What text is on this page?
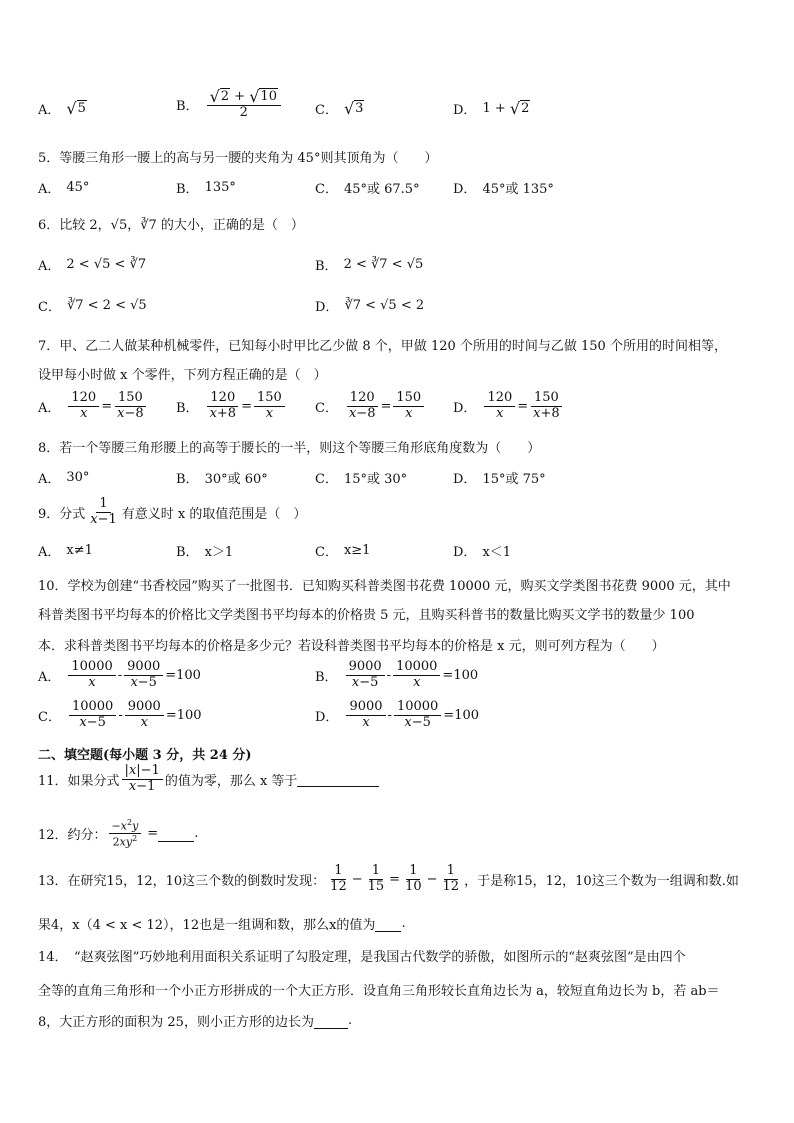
A． √ 5	B． $\frac{√ 2 + √ 10}{2}$	C． √ 3	D． 1 + √ 2
5．等腰三角形一腰上的高与另一腰的夹角为 45°则其顶角为（　　）
A． 45°	B． 135°	C． 45°或 67.5°	D． 45°或 135°
6．比较 2，√5，∛7 的大小，正确的是（　）
A． 2 < √5 < ∛7	B． 2 < ∛7 < √5
C． ∛7 < 2 < √5	D． ∛7 < √5 < 2
7．甲、乙二人做某种机械零件，已知每小时甲比乙少做 8 个，甲做 120 个所用的时间与乙做 150 个所用的时间相等，
设甲每小时做 x 个零件，下列方程正确的是（　）
A． $\frac{120}{x} = \frac{150}{x-8}$ B． $\frac{120}{x+8} = \frac{150}{x}$ C． $\frac{120}{x-8} = \frac{150}{x}$ D． $\frac{120}{x} = \frac{150}{x+8}$
8．若一个等腰三角形腰上的高等于腰长的一半，则这个等腰三角形底角度数为（　　）
A． 30°	B． 30°或 60°	C． 15°或 30°	D． 15°或 75°
9．分式 $\frac{1}{x-1}$ 有意义时 x 的取值范围是（　）
A． x≠1	B． x＞1	C． x≥1	D． x＜1
10．学校为创建“书香校园”购买了一批图书．已知购买科普类图书花费 10000 元，购买文学类图书花费 9000 元，其中
科普类图书平均每本的价格比文学类图书平均每本的价格贵 5 元，且购买科普书的数量比购买文学书的数量少 100
本．求科普类图书平均每本的价格是多少元？若设科普类图书平均每本的价格是 x 元，则可列方程为（　　）
A． $\frac{10000}{x} - \frac{9000}{x-5} =100$	B． $\frac{9000}{x-5} - \frac{10000}{x} =100$
C． $\frac{10000}{x-5} - \frac{9000}{x} =100$	D． $\frac{9000}{x} - \frac{10000}{x-5} =100$
二、填空题(每小题 3 分，共 24 分)
11．如果分式 $\frac{|x|-1}{x-1}$ 的值为零，那么 x 等于

12．约分： $\frac{-x^2y}{2xy^2}$ =
	.
13．在研究15，12，10这三个数的倒数时发现： $\frac{1}{12} - \frac{1}{15} = \frac{1}{10} - \frac{1}{12}$ ，于是称15，12，10这三个数为一组调和数.如
果4，x（4 < x < 12），12也是一组调和数，那么x的值为
.
14．　“赵爽弦图”巧妙地利用面积关系证明了勾股定理，是我国古代数学的骄傲，如图所示的“赵爽弦图”是由四个
全等的直角三角形和一个小正方形拼成的一个大正方形．设直角三角形较长直角边长为 a，较短直角边长为 b，若 ab＝
8，大正方形的面积为 25，则小正方形的边长为
	.
